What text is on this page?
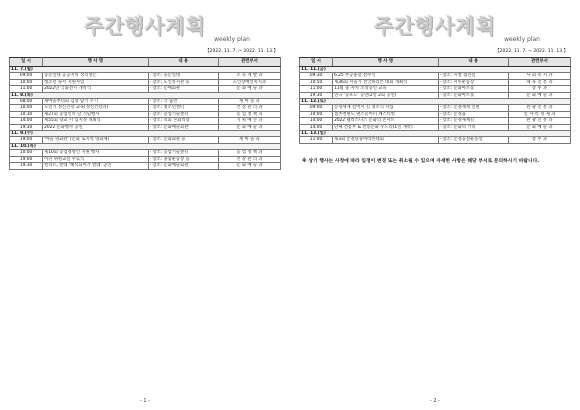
주간행사계획
weekly plan
【2022. 11. 7. ~ 2022. 11. 13.】
일 시	행 사 명	내 용	관련부서
11. 7.(월)			
09:00	동문일대 공공지역 정리정돈	· 장소: 동문일대	소 득 계 발 과
10:00	청소년 독서 지원사업	· 장소: 노인복지관 등	노인장애인복지과
11:00	2022년 국화전시 개막식	· 장소: 문예회관	문 화 예 술 과
11. 8.(화)			
08:00	새마을부녀회 김장 담기 우기	· 장소: 각 읍면	새 마 을 과
10:00	노년기 정신건강 교육(정신건강과)	· 장소: 청소년센터	건 강 관 리 과
10:30	제27회 농업인의 날 기념행사	· 장소: 농업기술센터	농 업 정 책 과
14:00	제55회 향교 시 입지정 개최식	· 장소: 의회 본회의장	기 획 예 산 과
19:30	2022 문화행사 공연	· 장소: 문화예술회관	문 화 예 술 과
11. 9.(수)			
19:00	'마을 영화관' (문화 로지역 영화제)	· 장소: 문화회관 등	새 마 을 과
11. 10.(목)			
10:00	제10회 농업경영인 지원 행사	· 장소: 농업기술센터	농 업 정 책 과
19:00	이민 위원교실 수료식	· 장소: 종합운동장 등	건 강 관 리 과
19:30	컬리트, 발레 '해석되어가 발레' 공연	· 장소: 문화예술회관	문 화 예 술 과
- 1 -
주간행사계획
weekly plan
【2022. 11. 7. ~ 2022. 11. 13.】
일 시	행 사 명	내 용	관련부서
11. 11.(금)			
09:30	6.25 무공훈장 전수식	· 장소: 시청 접견실	사 회 복 지 과
10:50	제36회 서울기 전국하리튼 대회 개최식	· 장소: 시민운동장	체 육 진 흥 과
11:00	11월 중 자치 소상공인 교육	· 장소: 문화아트홀	총 무 과
19:30	연극 '공포도' 공연(2일 2회 공연)	· 장소: 문화아트홀	문 화 예 술 과
11. 12.(토)			
09:00	문경새재 걸어서 길 정소식 사업	· 장소: 문경새재 일원	관 광 진 흥 과
10:00	점촌천원도 댄스놀이터 페스티벌	· 장소: 문경읍	일 자 리 경 제 과
14:00	2022 웰리스디스 문화의 콘서트	· 장소: 문경새재길	관 광 진 흥 과
14:00	단체 전통무 & 전통문화 우드리(1일 개막)	· 장소: 문화의 거리	문 화 예 술 과
11. 13.(일)			
11:00	제3회 문경단풍마라톤대회	· 장소: 문경공설운동장	총 무 과
※ 상기 행사는 사정에 따라 일정이 변경 또는 취소될 수 있으며 자세한 사항은 해당 부서로 문의하시기 바랍니다.
- 2 -
